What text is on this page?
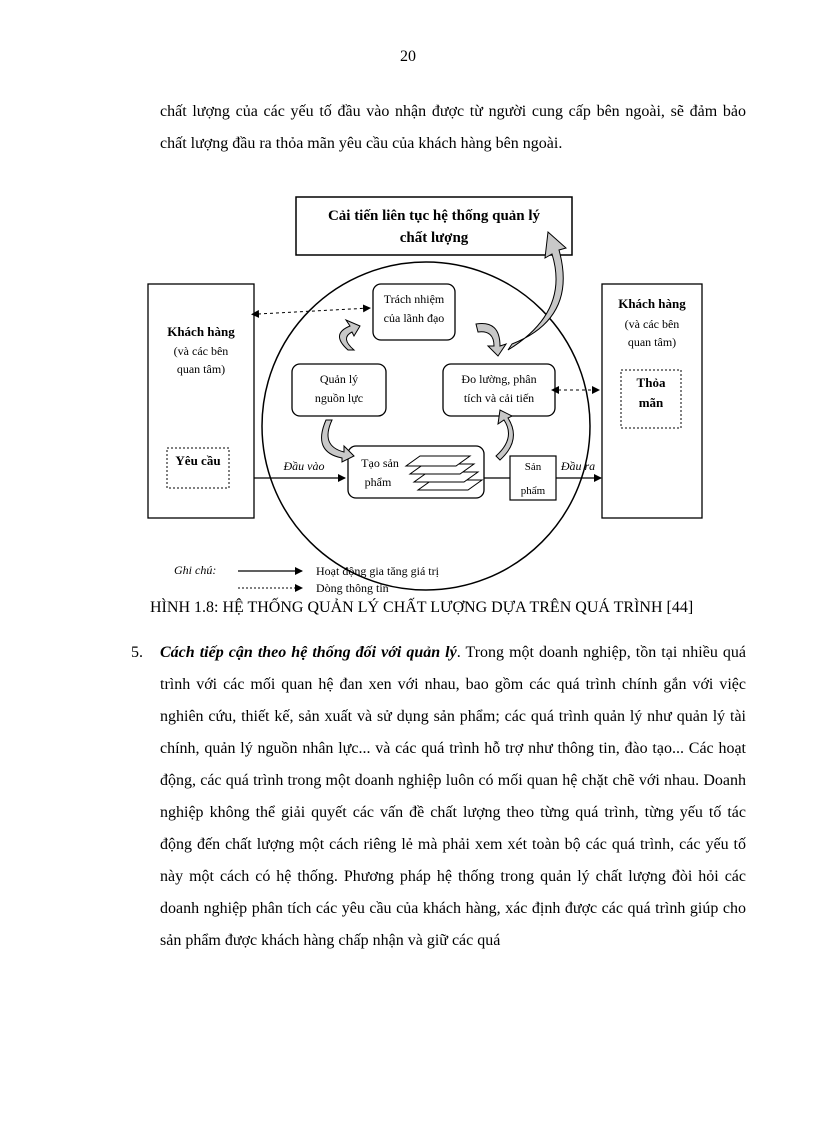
20
chất lượng của các yếu tố đầu vào nhận được từ người cung cấp bên ngoài, sẽ đảm bảo chất lượng đầu ra thỏa mãn yêu cầu của khách hàng bên ngoài.
Cải tiến liên tục hệ thống quản lý
chất lượng
Khách hàng
(và các bên
quan tâm)
Yêu cầu
Khách hàng
(và các bên
quan tâm)
Thỏa
mãn
Trách nhiệm
của lãnh đạo
Quản lý
nguồn lực
Đo lường, phân
tích và cải tiến
Tạo sản
phẩm
Sản
phẩm
Đầu vào	Đầu ra
Ghi chú:	Hoạt động gia tăng giá trị
Dòng thông tin
HÌNH 1.8: HỆ THỐNG QUẢN LÝ CHẤT LƯỢNG DỰA TRÊN QUÁ TRÌNH [44]
5. Cách tiếp cận theo hệ thống đối với quản lý. Trong một doanh nghiệp, tồn tại nhiều quá trình với các mối quan hệ đan xen với nhau, bao gồm các quá trình chính gắn với việc nghiên cứu, thiết kế, sản xuất và sử dụng sản phẩm; các quá trình quản lý như quản lý tài chính, quản lý nguồn nhân lực... và các quá trình hỗ trợ như thông tin, đào tạo... Các hoạt động, các quá trình trong một doanh nghiệp luôn có mối quan hệ chặt chẽ với nhau. Doanh nghiệp không thể giải quyết các vấn đề chất lượng theo từng quá trình, từng yếu tố tác động đến chất lượng một cách riêng lẻ mà phải xem xét toàn bộ các quá trình, các yếu tố này một cách có hệ thống. Phương pháp hệ thống trong quản lý chất lượng đòi hỏi các doanh nghiệp phân tích các yêu cầu của khách hàng, xác định được các quá trình giúp cho sản phẩm được khách hàng chấp nhận và giữ các quá
